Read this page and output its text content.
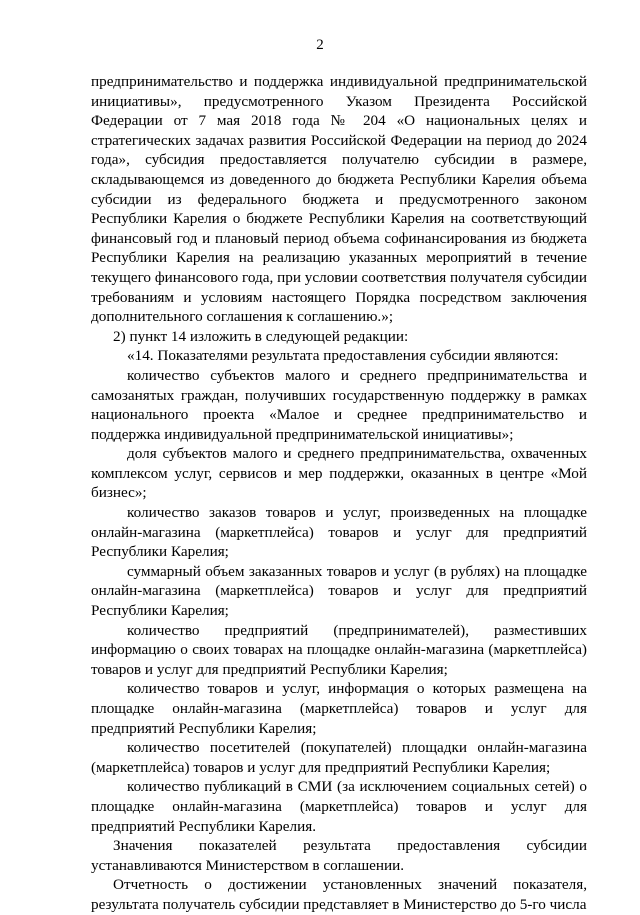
2

предпринимательство и поддержка индивидуальной предпринимательской инициативы», предусмотренного Указом Президента Российской Федерации от 7 мая 2018 года № 204 «О национальных целях и стратегических задачах развития Российской Федерации на период до 2024 года», субсидия предоставляется получателю субсидии в размере, складывающемся из доведенного до бюджета Республики Карелия объема субсидии из федерального бюджета и предусмотренного законом Республики Карелия о бюджете Республики Карелия на соответствующий финансовый год и плановый период объема софинансирования из бюджета Республики Карелия на реализацию указанных мероприятий в течение текущего финансового года, при условии соответствия получателя субсидии требованиям и условиям настоящего Порядка посредством заключения дополнительного соглашения к соглашению.»;

2) пункт 14 изложить в следующей редакции:

«14. Показателями результата предоставления субсидии являются:

количество субъектов малого и среднего предпринимательства и самозанятых граждан, получивших государственную поддержку в рамках национального проекта «Малое и среднее предпринимательство и поддержка индивидуальной предпринимательской инициативы»;

доля субъектов малого и среднего предпринимательства, охваченных комплексом услуг, сервисов и мер поддержки, оказанных в центре «Мой бизнес»;

количество заказов товаров и услуг, произведенных на площадке онлайн-магазина (маркетплейса) товаров и услуг для предприятий Республики Карелия;

суммарный объем заказанных товаров и услуг (в рублях) на площадке онлайн-магазина (маркетплейса) товаров и услуг для предприятий Республики Карелия;

количество предприятий (предпринимателей), разместивших информацию о своих товарах на площадке онлайн-магазина (маркетплейса) товаров и услуг для предприятий Республики Карелия;

количество товаров и услуг, информация о которых размещена на площадке онлайн-магазина (маркетплейса) товаров и услуг для предприятий Республики Карелия;

количество посетителей (покупателей) площадки онлайн-магазина (маркетплейса) товаров и услуг для предприятий Республики Карелия;

количество публикаций в СМИ (за исключением социальных сетей) о площадке онлайн-магазина (маркетплейса) товаров и услуг для предприятий Республики Карелия.

Значения показателей результата предоставления субсидии устанавливаются Министерством в соглашении.

Отчетность о достижении установленных значений показателя, результата получатель субсидии представляет в Министерство до 5-го числа
